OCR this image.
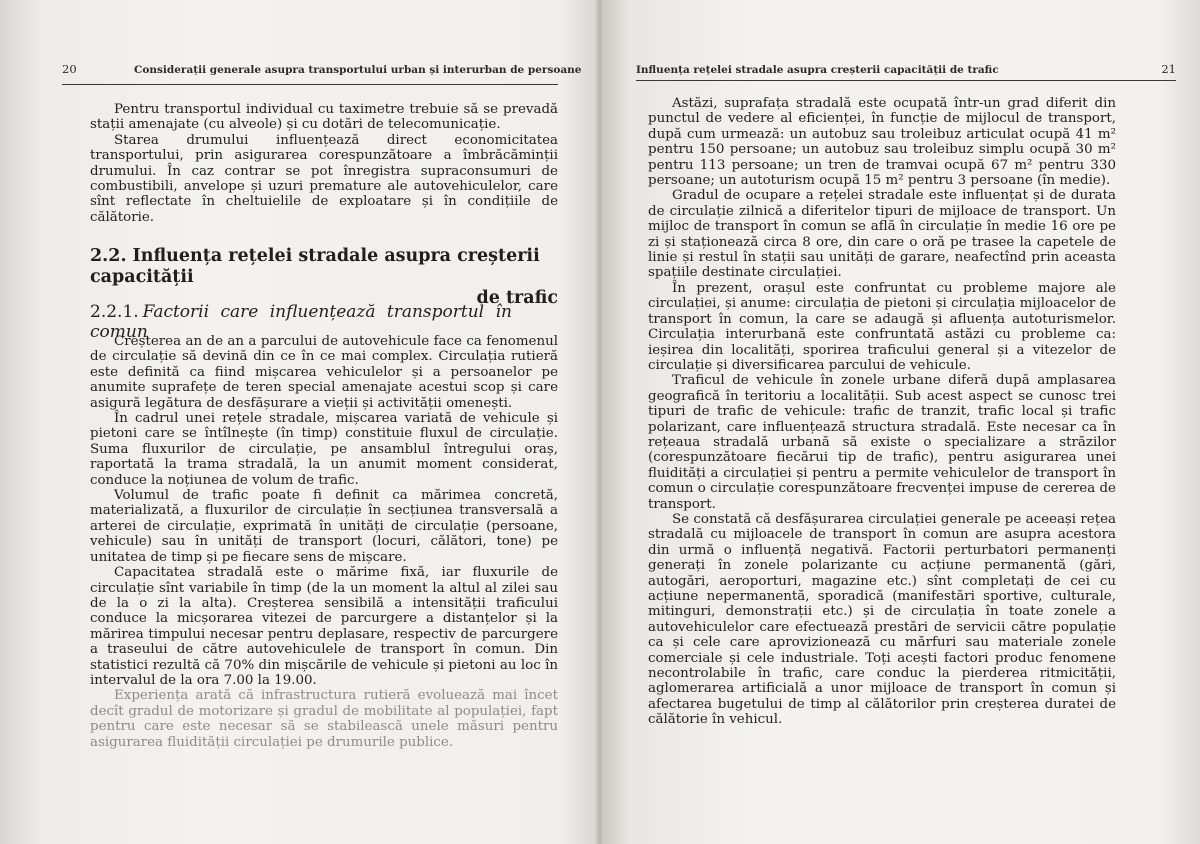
20	Considerații generale asupra transportului urban și interurban de persoane

Pentru transportul individual cu taximetre trebuie să se prevadă stații amenajate (cu alveole) și cu dotări de telecomunicație.

Starea drumului influențează direct economicitatea transportului, prin asigurarea corespunzătoare a îmbrăcăminții drumului. În caz contrar se pot înregistra supraconsumuri de combustibili, anvelope și uzuri premature ale autovehiculelor, care sînt reflectate în cheltuielile de exploatare și în condițiile de călătorie.

2.2. Influența rețelei stradale asupra creșterii capacității
de trafic
2.2.1. Factorii care influențează transportul în comun

Creșterea an de an a parcului de autovehicule face ca fenomenul de circulație să devină din ce în ce mai complex. Circulația rutieră este definită ca fiind mișcarea vehiculelor și a persoanelor pe anumite suprafețe de teren special amenajate acestui scop și care asigură legătura de desfășurare a vieții și activității omenești.

În cadrul unei rețele stradale, mișcarea variată de vehicule și pietoni care se întîlnește (în timp) constituie fluxul de circulație. Suma fluxurilor de circulație, pe ansamblul întregului oraș, raportată la trama stradală, la un anumit moment considerat, conduce la noțiunea de volum de trafic.

Volumul de trafic poate fi definit ca mărimea concretă, materializată, a fluxurilor de circulație în secțiunea transversală a arterei de circulație, exprimată în unități de circulație (persoane, vehicule) sau în unități de transport (locuri, călători, tone) pe unitatea de timp și pe fiecare sens de mișcare.

Capacitatea stradală este o mărime fixă, iar fluxurile de circulație sînt variabile în timp (de la un moment la altul al zilei sau de la o zi la alta). Creșterea sensibilă a intensității traficului conduce la micșorarea vitezei de parcurgere a distanțelor și la mărirea timpului necesar pentru deplasare, respectiv de parcurgere a traseului de către autovehiculele de transport în comun. Din statistici rezultă că 70% din mișcările de vehicule și pietoni au loc în intervalul de la ora 7.00 la 19.00.

Experiența arată că infrastructura rutieră evoluează mai încet decît gradul de motorizare și gradul de mobilitate al populației, fapt pentru care este necesar să se stabilească unele măsuri pentru asigurarea fluidității circulației pe drumurile publice.

Influența rețelei stradale asupra creșterii capacității de trafic	21

Astăzi, suprafața stradală este ocupată într-un grad diferit din punctul de vedere al eficienței, în funcție de mijlocul de transport, după cum urmează: un autobuz sau troleibuz articulat ocupă 41 m² pentru 150 persoane; un autobuz sau troleibuz simplu ocupă 30 m² pentru 113 persoane; un tren de tramvai ocupă 67 m² pentru 330 persoane; un autoturism ocupă 15 m² pentru 3 persoane (în medie).

Gradul de ocupare a rețelei stradale este influențat și de durata de circulație zilnică a diferitelor tipuri de mijloace de transport. Un mijloc de transport în comun se află în circulație în medie 16 ore pe zi și staționează circa 8 ore, din care o oră pe trasee la capetele de linie și restul în stații sau unități de garare, neafectînd prin aceasta spațiile destinate circulației.

În prezent, orașul este confruntat cu probleme majore ale circulației, și anume: circulația de pietoni și circulația mijloacelor de transport în comun, la care se adaugă și afluența autoturismelor. Circulația interurbană este confruntată astăzi cu probleme ca: ieșirea din localități, sporirea traficului general și a vitezelor de circulație și diversificarea parcului de vehicule.

Traficul de vehicule în zonele urbane diferă după amplasarea geografică în teritoriu a localității. Sub acest aspect se cunosc trei tipuri de trafic de vehicule: trafic de tranzit, trafic local și trafic polarizant, care influențează structura stradală. Este necesar ca în rețeaua stradală urbană să existe o specializare a străzilor (corespunzătoare fiecărui tip de trafic), pentru asigurarea unei fluidități a circulației și pentru a permite vehiculelor de transport în comun o circulație corespunzătoare frecvenței impuse de cererea de transport.

Se constată că desfășurarea circulației generale pe aceeași rețea stradală cu mijloacele de transport în comun are asupra acestora din urmă o influență negativă. Factorii perturbatori permanenți generați în zonele polarizante cu acțiune permanentă (gări, autogări, aeroporturi, magazine etc.) sînt completați de cei cu acțiune nepermanentă, sporadică (manifestări sportive, culturale, mitinguri, demonstrații etc.) și de circulația în toate zonele a autovehiculelor care efectuează prestări de servicii către populație ca și cele care aprovizionează cu mărfuri sau materiale zonele comerciale și cele industriale. Toți acești factori produc fenomene necontrolabile în trafic, care conduc la pierderea ritmicității, aglomerarea artificială a unor mijloace de transport în comun și afectarea bugetului de timp al călătorilor prin creșterea duratei de călătorie în vehicul.
